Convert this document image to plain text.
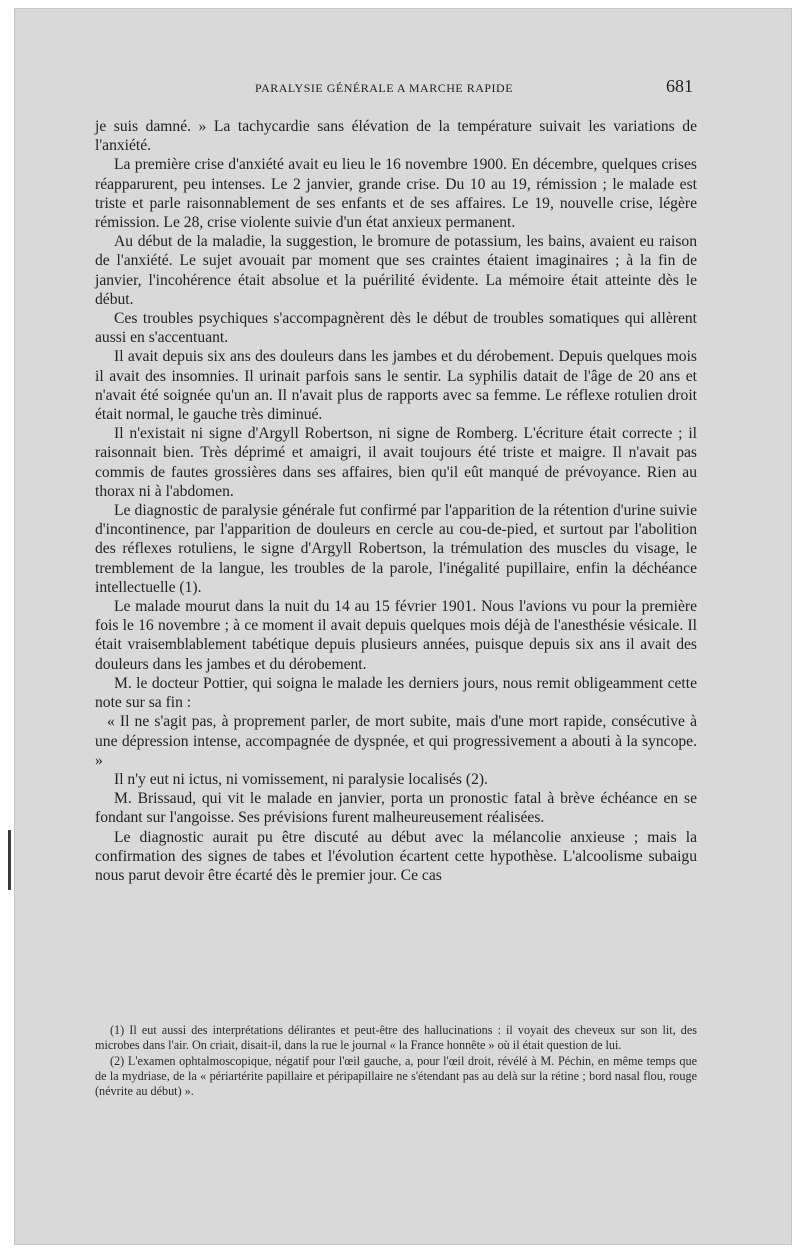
PARALYSIE GÉNÉRALE A MARCHE RAPIDE	681

je suis damné. » La tachycardie sans élévation de la température suivait les variations de l'anxiété.

La première crise d'anxiété avait eu lieu le 16 novembre 1900. En décembre, quelques crises réapparurent, peu intenses. Le 2 janvier, grande crise. Du 10 au 19, rémission ; le malade est triste et parle raisonnablement de ses enfants et de ses affaires. Le 19, nouvelle crise, légère rémission. Le 28, crise violente suivie d'un état anxieux permanent.

Au début de la maladie, la suggestion, le bromure de potassium, les bains, avaient eu raison de l'anxiété. Le sujet avouait par moment que ses craintes étaient imaginaires ; à la fin de janvier, l'incohérence était absolue et la puérilité évidente. La mémoire était atteinte dès le début.

Ces troubles psychiques s'accompagnèrent dès le début de troubles somatiques qui allèrent aussi en s'accentuant.

Il avait depuis six ans des douleurs dans les jambes et du dérobement. Depuis quelques mois il avait des insomnies. Il urinait parfois sans le sentir. La syphilis datait de l'âge de 20 ans et n'avait été soignée qu'un an. Il n'avait plus de rapports avec sa femme. Le réflexe rotulien droit était normal, le gauche très diminué.

Il n'existait ni signe d'Argyll Robertson, ni signe de Romberg. L'écriture était correcte ; il raisonnait bien. Très déprimé et amaigri, il avait toujours été triste et maigre. Il n'avait pas commis de fautes grossières dans ses affaires, bien qu'il eût manqué de prévoyance. Rien au thorax ni à l'abdomen.

Le diagnostic de paralysie générale fut confirmé par l'apparition de la rétention d'urine suivie d'incontinence, par l'apparition de douleurs en cercle au cou-de-pied, et surtout par l'abolition des réflexes rotuliens, le signe d'Argyll Robertson, la trémulation des muscles du visage, le tremblement de la langue, les troubles de la parole, l'inégalité pupillaire, enfin la déchéance intellectuelle (1).

Le malade mourut dans la nuit du 14 au 15 février 1901. Nous l'avions vu pour la première fois le 16 novembre ; à ce moment il avait depuis quelques mois déjà de l'anesthésie vésicale. Il était vraisemblablement tabétique depuis plusieurs années, puisque depuis six ans il avait des douleurs dans les jambes et du dérobement.

M. le docteur Pottier, qui soigna le malade les derniers jours, nous remit obligeamment cette note sur sa fin :

« Il ne s'agit pas, à proprement parler, de mort subite, mais d'une mort rapide, consécutive à une dépression intense, accompagnée de dyspnée, et qui progressivement a abouti à la syncope. »

Il n'y eut ni ictus, ni vomissement, ni paralysie localisés (2).

M. Brissaud, qui vit le malade en janvier, porta un pronostic fatal à brève échéance en se fondant sur l'angoisse. Ses prévisions furent malheureusement réalisées.

Le diagnostic aurait pu être discuté au début avec la mélancolie anxieuse ; mais la confirmation des signes de tabes et l'évolution écartent cette hypothèse. L'alcoolisme subaigu nous parut devoir être écarté dès le premier jour. Ce cas

(1) Il eut aussi des interprétations délirantes et peut-être des hallucinations : il voyait des cheveux sur son lit, des microbes dans l'air. On criait, disait-il, dans la rue le journal « la France honnête » où il était question de lui.

(2) L'examen ophtalmoscopique, négatif pour l'œil gauche, a, pour l'œil droit, révélé à M. Péchin, en même temps que de la mydriase, de la « périartérite papillaire et péripapillaire ne s'étendant pas au delà sur la rétine ; bord nasal flou, rouge (névrite au début) ».
